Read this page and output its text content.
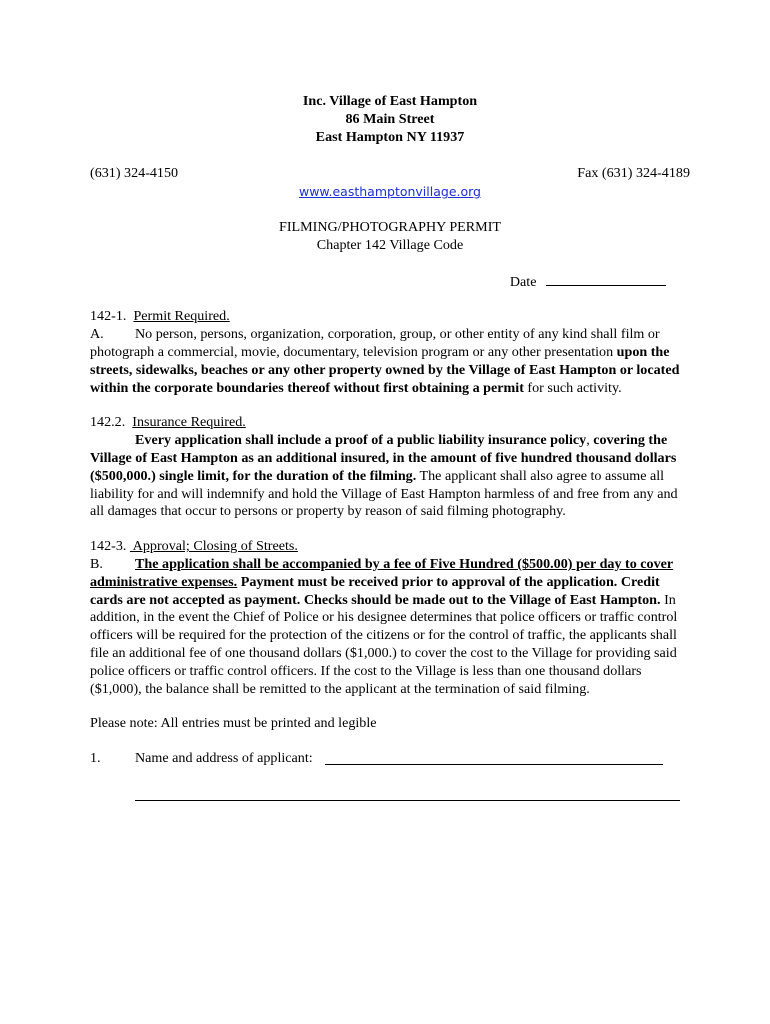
Inc. Village of East Hampton
86 Main Street
East Hampton NY 11937
(631) 324-4150	Fax (631) 324-4189
www.easthamptonvillage.org
FILMING/PHOTOGRAPHY PERMIT
Chapter 142 Village Code
Date
142-1. Permit Required.
A. No person, persons, organization, corporation, group, or other entity of any kind shall film or photograph a commercial, movie, documentary, television program or any other presentation upon the streets, sidewalks, beaches or any other property owned by the Village of East Hampton or located within the corporate boundaries thereof without first obtaining a permit for such activity.
142.2. Insurance Required.
Every application shall include a proof of a public liability insurance policy, covering the Village of East Hampton as an additional insured, in the amount of five hundred thousand dollars ($500,000.) single limit, for the duration of the filming. The applicant shall also agree to assume all liability for and will indemnify and hold the Village of East Hampton harmless of and free from any and all damages that occur to persons or property by reason of said filming photography.
142-3.  Approval; Closing of Streets.
B. The application shall be accompanied by a fee of Five Hundred ($500.00) per day to cover administrative expenses. Payment must be received prior to approval of the application. Credit cards are not accepted as payment. Checks should be made out to the Village of East Hampton. In addition, in the event the Chief of Police or his designee determines that police officers or traffic control officers will be required for the protection of the citizens or for the control of traffic, the applicants shall file an additional fee of one thousand dollars ($1,000.) to cover the cost to the Village for providing said police officers or traffic control officers. If the cost to the Village is less than one thousand dollars ($1,000), the balance shall be remitted to the applicant at the termination of said filming.
Please note: All entries must be printed and legible
1.	Name and address of applicant:
